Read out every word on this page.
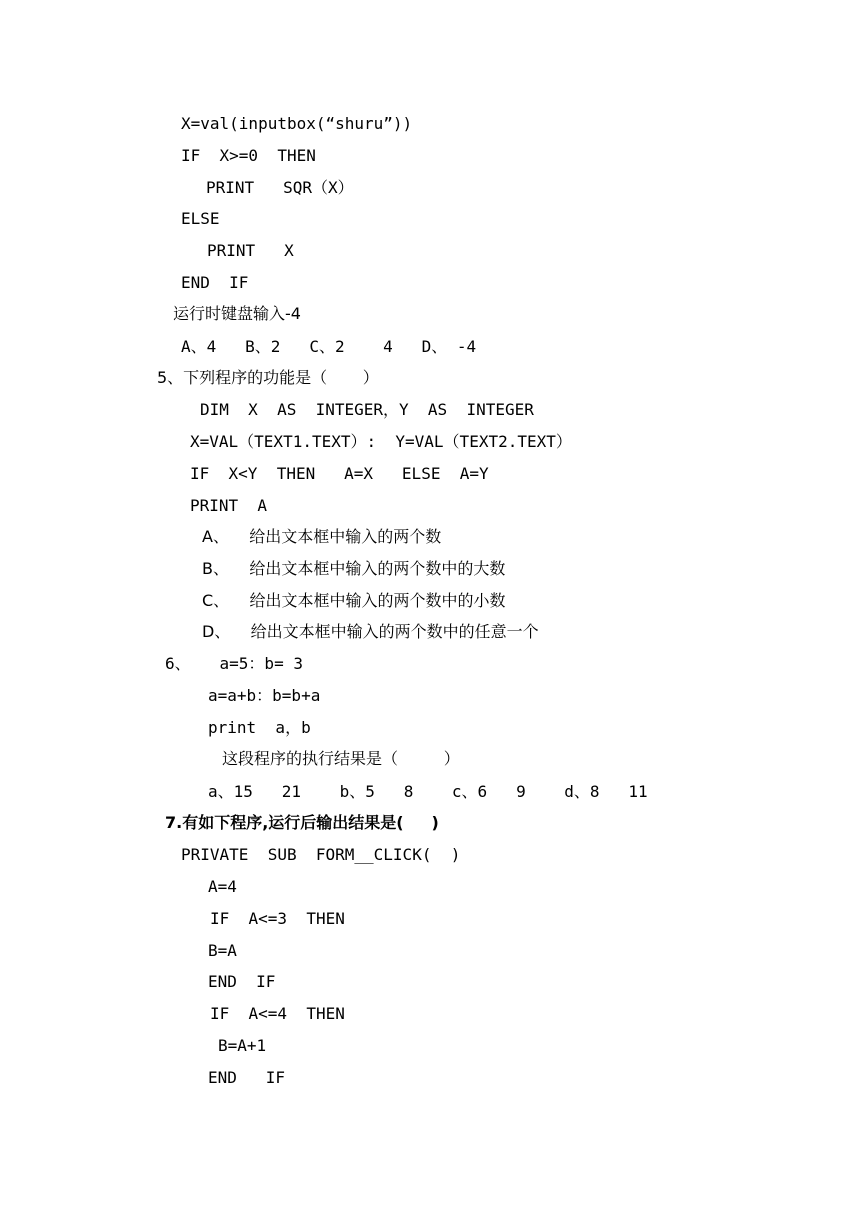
X=val(inputbox(“shuru”))
IF  X>=0  THEN
PRINT   SQR（X）
ELSE
PRINT   X
END  IF
运行时键盘输入-4
A、4   B、2   C、2    4   D、 -4
5、下列程序的功能是（       ）
DIM  X  AS  INTEGER，Y  AS  INTEGER
X=VAL（TEXT1.TEXT）:  Y=VAL（TEXT2.TEXT）
IF  X<Y  THEN   A=X   ELSE  A=Y
PRINT  A
A、    给出文本框中输入的两个数
B、    给出文本框中输入的两个数中的大数
C、    给出文本框中输入的两个数中的小数
D、    给出文本框中输入的两个数中的任意一个
6、   a=5：b= 3
a=a+b：b=b+a
print  a，b
这段程序的执行结果是（         ）
a、15   21    b、5   8    c、6   9    d、8   11
7.有如下程序,运行后输出结果是(     )
PRIVATE  SUB  FORM__CLICK(  )
A=4
IF  A<=3  THEN
B=A
END  IF
IF  A<=4  THEN
B=A+1
END   IF
